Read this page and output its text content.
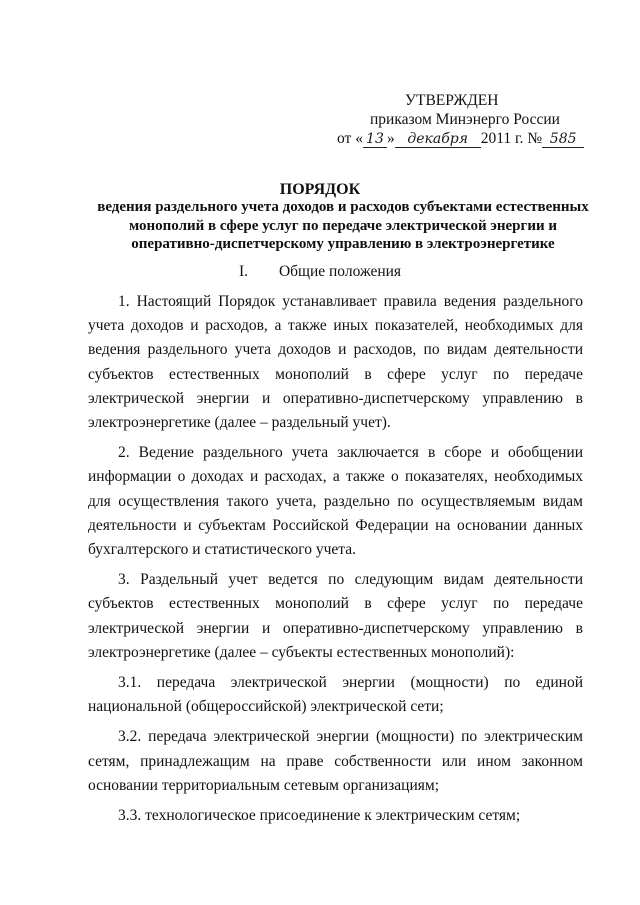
УТВЕРЖДЕН
приказом Минэнерго России
от « 13 » декабря 2011 г. № 585
ПОРЯДОК
ведения раздельного учета доходов и расходов субъектами естественных монополий в сфере услуг по передаче электрической энергии и оперативно-диспетчерскому управлению в электроэнергетике
I. Общие положения

1. Настоящий Порядок устанавливает правила ведения раздельного учета доходов и расходов, а также иных показателей, необходимых для ведения раздельного учета доходов и расходов, по видам деятельности субъектов естественных монополий в сфере услуг по передаче электрической энергии и оперативно-диспетчерскому управлению в электроэнергетике (далее – раздельный учет).

2. Ведение раздельного учета заключается в сборе и обобщении информации о доходах и расходах, а также о показателях, необходимых для осуществления такого учета, раздельно по осуществляемым видам деятельности и субъектам Российской Федерации на основании данных бухгалтерского и статистического учета.

3. Раздельный учет ведется по следующим видам деятельности субъектов естественных монополий в сфере услуг по передаче электрической энергии и оперативно-диспетчерскому управлению в электроэнергетике (далее – субъекты естественных монополий):

3.1. передача электрической энергии (мощности) по единой национальной (общероссийской) электрической сети;

3.2. передача электрической энергии (мощности) по электрическим сетям, принадлежащим на праве собственности или ином законном основании территориальным сетевым организациям;

3.3. технологическое присоединение к электрическим сетям;
